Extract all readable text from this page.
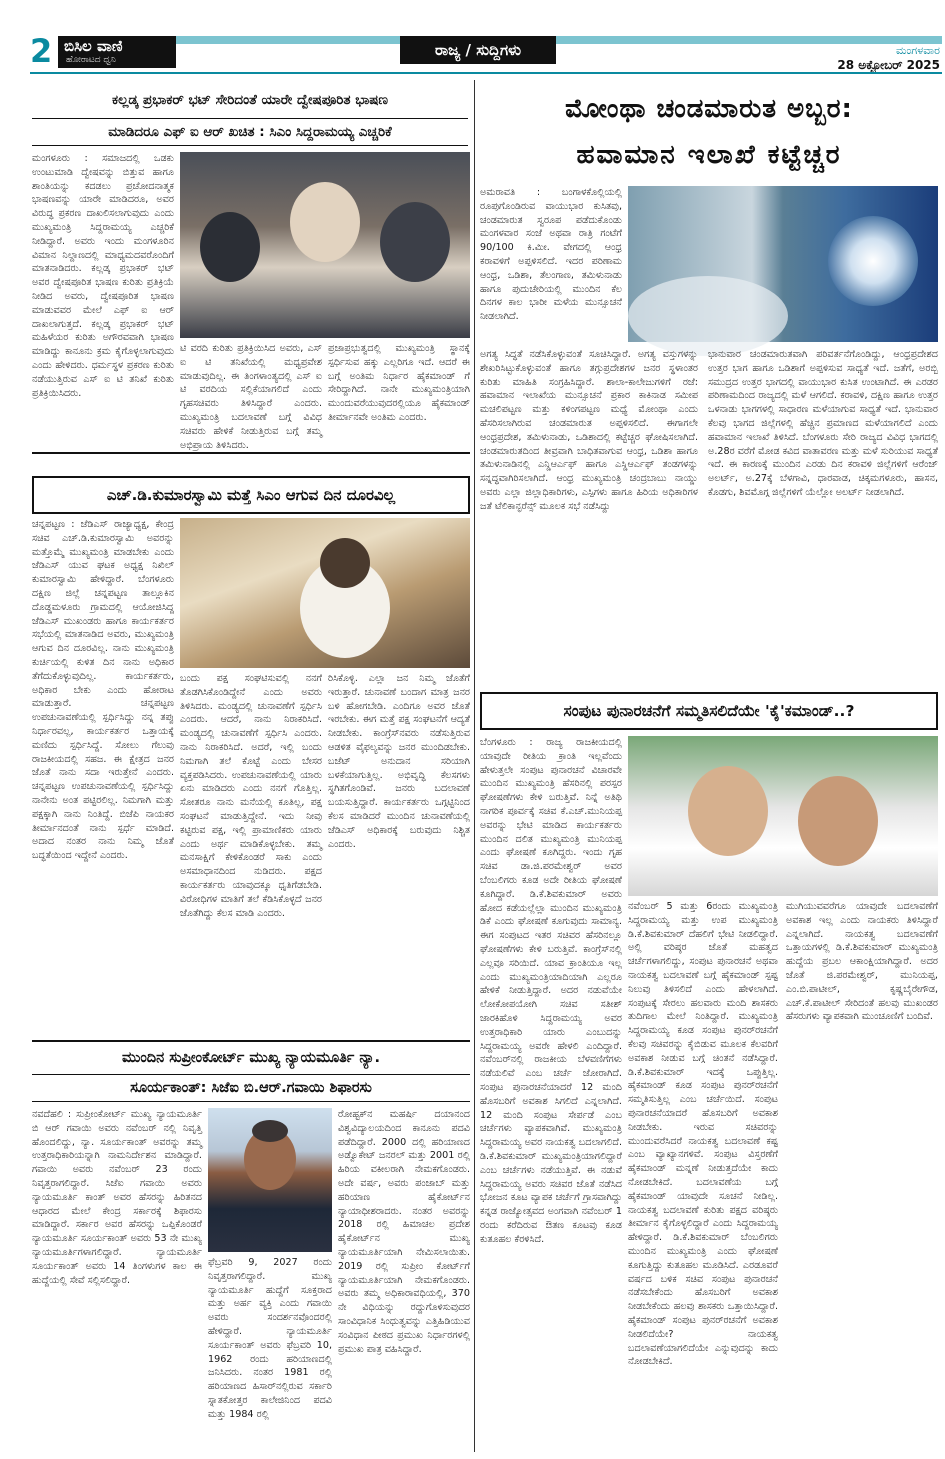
2 ಬಿಸಿಲ ವಾಣಿ
ಹೋರಾಟದ ಧ್ವನಿ
ರಾಜ್ಯ / ಸುದ್ದಿಗಳು	ಮಂಗಳವಾರ
28 ಅಕ್ಟೋಬರ್ 2025
ಕಲ್ಲಡ್ಕ ಪ್ರಭಾಕರ್ ಭಟ್ ಸೇರಿದಂತೆ ಯಾರೇ ದ್ವೇಷಪೂರಿತ ಭಾಷಣ
ಮಾಡಿದರೂ ಎಫ್ ಐ ಆರ್ ಖಚಿತ : ಸಿಎಂ ಸಿದ್ದರಾಮಯ್ಯ ಎಚ್ಚರಿಕೆ
ಮಂಗಳೂರು : ಸಮಾಜದಲ್ಲಿ ಒಡಕು ಉಂಟುಮಾಡಿ ದ್ವೇಷವನ್ನು ಬಿತ್ತುವ ಹಾಗೂ ಶಾಂತಿಯನ್ನು ಕದಡಲು ಪ್ರಚೋದನಾತ್ಮಕ ಭಾಷಣವನ್ನು ಯಾರೇ ಮಾಡಿದರೂ, ಅವರ ವಿರುದ್ಧ ಪ್ರಕರಣ ದಾಖಲಿಸಲಾಗುವುದು ಎಂದು ಮುಖ್ಯಮಂತ್ರಿ ಸಿದ್ದರಾಮಯ್ಯ ಎಚ್ಚರಿಕೆ ನೀಡಿದ್ದಾರೆ. ಅವರು ಇಂದು ಮಂಗಳೂರಿನ ವಿಮಾನ ನಿಲ್ದಾಣದಲ್ಲಿ ಮಾಧ್ಯಮದವರೊಂದಿಗೆ ಮಾತನಾಡಿದರು. ಕಲ್ಲಡ್ಕ ಪ್ರಭಾಕರ್ ಭಟ್ ಅವರ ದ್ವೇಷಪೂರಿತ ಭಾಷಣ ಕುರಿತು ಪ್ರತಿಕ್ರಿಯೆ ನೀಡಿದ ಅವರು, ದ್ವೇಷಪೂರಿತ ಭಾಷಣ ಮಾಡುವವರ ಮೇಲೆ ಎಫ್ ಐ ಆರ್ ದಾಖಲಾಗುತ್ತದೆ. ಕಲ್ಲಡ್ಕ ಪ್ರಭಾಕರ್ ಭಟ್ ಮಹಿಳೆಯರ ಕುರಿತು ಅಗೌರವವಾಗಿ ಭಾಷಣ ಮಾಡಿದ್ದು ಕಾನೂನು ಕ್ರಮ ಕೈಗೊಳ್ಳಲಾಗುವುದು ಎಂದು ಹೇಳಿದರು. ಧರ್ಮಸ್ಥಳ ಪ್ರಕರಣ ಕುರಿತು ನಡೆಯುತ್ತಿರುವ ಎಸ್ ಐ ಟಿ ತನಿಖೆ ಕುರಿತು ಪ್ರತಿಕ್ರಿಯಿಸಿದರು.
ಟಿ ವರದಿ ಕುರಿತು ಪ್ರತಿಕ್ರಿಯಿಸಿದ ಅವರು, ಎಸ್ ಐ ಟಿ ತನಿಖೆಯಲ್ಲಿ ಮಧ್ಯಪ್ರವೇಶ ಮಾಡುವುದಿಲ್ಲ. ಈ ತಿಂಗಳಾಂತ್ಯದಲ್ಲಿ ಎಸ್ ಐ ಟಿ ವರದಿಯ ಸಲ್ಲಿಕೆಯಾಗಲಿದೆ ಎಂದು ಗೃಹಸಚಿವರು ತಿಳಿಸಿದ್ದಾರೆ ಎಂದರು. ಮುಖ್ಯಮಂತ್ರಿ ಬದಲಾವಣೆ ಬಗ್ಗೆ ವಿವಿಧ ಸಚಿವರು ಹೇಳಿಕೆ ನೀಡುತ್ತಿರುವ ಬಗ್ಗೆ ತಮ್ಮ ಅಭಿಪ್ರಾಯ ತಿಳಿಸಿದರು.
ಪ್ರಜಾಪ್ರಭುತ್ವದಲ್ಲಿ ಮುಖ್ಯಮಂತ್ರಿ ಸ್ಥಾನಕ್ಕೆ ಸ್ಪರ್ಧಿಸುವ ಹಕ್ಕು ಎಲ್ಲರಿಗೂ ಇದೆ. ಆದರೆ ಈ ಬಗ್ಗೆ ಅಂತಿಮ ನಿರ್ಧಾರ ಹೈಕಮಾಂಡ್ ಗೆ ಸೇರಿದ್ದಾಗಿದೆ. ನಾನೇ ಮುಖ್ಯಮಂತ್ರಿಯಾಗಿ ಮುಂದುವರೆಯುವುದರಲ್ಲಿಯೂ ಹೈಕಮಾಂಡ್ ತೀರ್ಮಾನವೇ ಅಂತಿಮ ಎಂದರು.
ಮೋಂಥಾ ಚಂಡಮಾರುತ ಅಬ್ಬರ:
ಹವಾಮಾನ ಇಲಾಖೆ ಕಟ್ಟೆಚ್ಚರ
ಅಮರಾವತಿ : ಬಂಗಾಳಕೊಲ್ಲಿಯಲ್ಲಿ ರೂಪುಗೊಂಡಿರುವ ವಾಯುಭಾರ ಕುಸಿತವು, ಚಂಡಮಾರುತ ಸ್ವರೂಪ ಪಡೆದುಕೊಂಡು ಮಂಗಳವಾರ ಸಂಜೆ ಅಥವಾ ರಾತ್ರಿ ಗಂಟೆಗೆ 90/100 ಕಿ.ಮೀ. ವೇಗದಲ್ಲಿ ಆಂಧ್ರ ಕರಾವಳಿಗೆ ಅಪ್ಪಳಿಸಲಿದೆ. ಇದರ ಪರಿಣಾಮ ಆಂಧ್ರ, ಒಡಿಶಾ, ತೆಲಂಗಾಣ, ತಮಿಳುನಾಡು ಹಾಗೂ ಪುದುಚೇರಿಯಲ್ಲಿ ಮುಂದಿನ ಕೆಲ ದಿನಗಳ ಕಾಲ ಭಾರೀ ಮಳೆಯ ಮುನ್ಸೂಚನೆ ನೀಡಲಾಗಿದೆ.
ಅಗತ್ಯ ಸಿದ್ಧತೆ ನಡೆಸಿಕೊಳ್ಳುವಂತೆ ಸೂಚಿಸಿದ್ದಾರೆ. ಅಗತ್ಯ ವಸ್ತುಗಳನ್ನು ಶೇಖರಿಸಿಟ್ಟುಕೊಳ್ಳುವಂತೆ ಹಾಗೂ ತಗ್ಗುಪ್ರದೇಶಗಳ ಜನರ ಸ್ಥಳಾಂತರ ಕುರಿತು ಮಾಹಿತಿ ಸಂಗ್ರಹಿಸಿದ್ದಾರೆ. ಶಾಲಾ-ಕಾಲೇಜುಗಳಿಗೆ ರಜೆ: ಹವಾಮಾನ ಇಲಾಖೆಯ ಮುನ್ಸೂಚನೆ ಪ್ರಕಾರ ಕಾಕಿನಾಡ ಸಮೀಪ ಮಚಲಿಪಟ್ಟಣ ಮತ್ತು ಕಳಿಂಗಪಟ್ಟಣ ಮಧ್ಯೆ ಮೋಂಥಾ ಎಂದು ಹೆಸರಿಸಲಾಗಿರುವ ಚಂಡಮಾರುತ ಅಪ್ಪಳಿಸಲಿದೆ. ಈಗಾಗಲೇ ಆಂಧ್ರಪ್ರದೇಶ, ತಮಿಳುನಾಡು, ಒಡಿಶಾದಲ್ಲಿ ಕಟ್ಟೆಚ್ಚರ ಘೋಷಿಸಲಾಗಿದೆ. ಚಂಡಮಾರುತದಿಂದ ತೀವ್ರವಾಗಿ ಬಾಧಿತವಾಗುವ ಆಂಧ್ರ, ಒಡಿಶಾ ಹಾಗೂ ತಮಿಳುನಾಡಿನಲ್ಲಿ ಎನ್ಡಿಆರ್ಎಫ್ ಹಾಗೂ ಎಸ್ಡಿಆರ್ಎಫ್ ತಂಡಗಳನ್ನು ಸನ್ನದ್ಧವಾಗಿರಿಸಲಾಗಿದೆ. ಆಂಧ್ರ ಮುಖ್ಯಮಂತ್ರಿ ಚಂದ್ರಬಾಬು ನಾಯ್ಡು ಅವರು ಎಲ್ಲಾ ಜಿಲ್ಲಾಧಿಕಾರಿಗಳು, ಎಸ್ಪಿಗಳು ಹಾಗೂ ಹಿರಿಯ ಅಧಿಕಾರಿಗಳ ಜತೆ ಟೆಲಿಕಾನ್ಫರೆನ್ಸ್ ಮೂಲಕ ಸಭೆ ನಡೆಸಿದ್ದು
ಭಾನುವಾರ ಚಂಡಮಾರುತವಾಗಿ ಪರಿವರ್ತನೆಗೊಂಡಿದ್ದು, ಆಂಧ್ರಪ್ರದೇಶದ ಉತ್ತರ ಭಾಗ ಹಾಗೂ ಒಡಿಶಾಗೆ ಅಪ್ಪಳಿಸುವ ಸಾಧ್ಯತೆ ಇದೆ. ಜತೆಗೆ, ಅರಬ್ಬಿ ಸಮುದ್ರದ ಉತ್ತರ ಭಾಗದಲ್ಲಿ ವಾಯುಭಾರ ಕುಸಿತ ಉಂಟಾಗಿದೆ. ಈ ಎರಡರ ಪರಿಣಾಮದಿಂದ ರಾಜ್ಯದಲ್ಲಿ ಮಳೆ ಆಗಲಿದೆ. ಕರಾವಳಿ, ದಕ್ಷಿಣ ಹಾಗೂ ಉತ್ತರ ಒಳನಾಡು ಭಾಗಗಳಲ್ಲಿ ಸಾಧಾರಣ ಮಳೆಯಾಗುವ ಸಾಧ್ಯತೆ ಇದೆ. ಭಾನುವಾರ ಕೆಲವು ಭಾಗದ ಜಿಲ್ಲೆಗಳಲ್ಲಿ ಹೆಚ್ಚಿನ ಪ್ರಮಾಣದ ಮಳೆಯಾಗಲಿದೆ ಎಂದು ಹವಾಮಾನ ಇಲಾಖೆ ತಿಳಿಸಿದೆ. ಬೆಂಗಳೂರು ಸೇರಿ ರಾಜ್ಯದ ವಿವಿಧ ಭಾಗದಲ್ಲಿ ಅ.28ರ ವರೆಗೆ ಮೋಡ ಕವಿದ ವಾತಾವರಣ ಮತ್ತು ಮಳೆ ಸುರಿಯುವ ಸಾಧ್ಯತೆ ಇದೆ. ಈ ಕಾರಣಕ್ಕೆ ಮುಂದಿನ ಎರಡು ದಿನ ಕರಾವಳಿ ಜಿಲ್ಲೆಗಳಿಗೆ ಆರೆಂಜ್ ಅಲರ್ಟ್, ಅ.27ಕ್ಕೆ ಬೆಳಗಾವಿ, ಧಾರವಾಡ, ಚಿಕ್ಕಮಗಳೂರು, ಹಾಸನ, ಕೊಡಗು, ಶಿವಮೊಗ್ಗ ಜಿಲ್ಲೆಗಳಿಗೆ ಯೆಲ್ಲೋ ಅಲರ್ಟ್ ನೀಡಲಾಗಿದೆ.
ಎಚ್.ಡಿ.ಕುಮಾರಸ್ವಾಮಿ ಮತ್ತೆ ಸಿಎಂ ಆಗುವ ದಿನ ದೂರವಿಲ್ಲ
ಚನ್ನಪಟ್ಟಣ : ಜೆಡಿಎಸ್ ರಾಜ್ಯಾಧ್ಯಕ್ಷ, ಕೇಂದ್ರ ಸಚಿವ ಎಚ್.ಡಿ.ಕುಮಾರಸ್ವಾಮಿ ಅವರನ್ನು ಮತ್ತೊಮ್ಮೆ ಮುಖ್ಯಮಂತ್ರಿ ಮಾಡಬೇಕು ಎಂದು ಜೆಡಿಎಸ್ ಯುವ ಘಟಕ ಅಧ್ಯಕ್ಷ ನಿಖಿಲ್ ಕುಮಾರಸ್ವಾಮಿ ಹೇಳಿದ್ದಾರೆ. ಬೆಂಗಳೂರು ದಕ್ಷಿಣ ಜಿಲ್ಲೆ ಚನ್ನಪಟ್ಟಣ ತಾಲ್ಲೂಕಿನ ದೊಡ್ಡಮಳೂರು ಗ್ರಾಮದಲ್ಲಿ ಆಯೋಜಿಸಿದ್ದ ಜೆಡಿಎಸ್ ಮುಖಂಡರು ಹಾಗೂ ಕಾರ್ಯಕರ್ತರ ಸಭೆಯಲ್ಲಿ ಮಾತನಾಡಿದ ಅವರು, ಮುಖ್ಯಮಂತ್ರಿ ಆಗುವ ದಿನ ದೂರವಿಲ್ಲ. ನಾನು ಮುಖ್ಯಮಂತ್ರಿ ಕುರ್ಚಿಯಲ್ಲಿ ಕುಳಿತ ದಿನ ನಾನು ಅಧಿಕಾರ ತೆಗೆದುಕೊಳ್ಳುವುದಿಲ್ಲ. ಕಾರ್ಯಕರ್ತರು, ಅಧಿಕಾರ ಬೇಕು ಎಂದು ಹೋರಾಟ ಮಾಡುತ್ತಾರೆ. ಚನ್ನಪಟ್ಟಣ ಉಪಚುನಾವಣೆಯಲ್ಲಿ ಸ್ಪರ್ಧಿಸಿದ್ದು ನನ್ನ ತಪ್ಪು ನಿರ್ಧಾರವಲ್ಲ, ಕಾರ್ಯಕರ್ತರ ಒತ್ತಾಯಕ್ಕೆ ಮಣಿದು ಸ್ಪರ್ಧಿಸಿದ್ದೆ. ಸೋಲು ಗೆಲುವು ರಾಜಕೀಯದಲ್ಲಿ ಸಹಜ. ಈ ಕ್ಷೇತ್ರದ ಜನರ ಜೊತೆ ನಾನು ಸದಾ ಇರುತ್ತೇನೆ ಎಂದರು. ಚನ್ನಪಟ್ಟಣ ಉಪಚುನಾವಣೆಯಲ್ಲಿ ಸ್ಪರ್ಧಿಸಿದ್ದು ನಾನೇನು ಅಂತ ಪಟ್ಟಿರಲಿಲ್ಲ. ನಿಮಗಾಗಿ ಮತ್ತು ಪಕ್ಷಕ್ಕಾಗಿ ನಾನು ನಿಂತಿದ್ದೆ. ಬಿಜೆಪಿ ನಾಯಕರ ತೀರ್ಮಾನದಂತೆ ನಾನು ಸ್ಪರ್ಧೆ ಮಾಡಿದೆ. ಅದಾದ ನಂತರ ನಾನು ನಿಮ್ಮ ಜೊತೆ ಬದ್ಧತೆಯಿಂದ ಇದ್ದೇನೆ ಎಂದರು.
ಬಂದು ಪಕ್ಷ ಸಂಘಟಿಸುವಲ್ಲಿ ನನಗೆ ತೊಡಗಿಸಿಕೊಂಡಿದ್ದೇನೆ ಎಂದು ಅವರು ತಿಳಿಸಿದರು. ಮಂಡ್ಯದಲ್ಲಿ ಚುನಾವಣೆಗೆ ಸ್ಪರ್ಧಿಸಿ ಎಂದರು. ಆದರೆ, ನಾನು ನಿರಾಕರಿಸಿದೆ. ಮಂಡ್ಯದಲ್ಲಿ ಚುನಾವಣೆಗೆ ಸ್ಪರ್ಧಿಸಿ ಎಂದರು. ನಾನು ನಿರಾಕರಿಸಿದೆ. ಅದರೆ, ಇಲ್ಲಿ ಬಂದು ನಿಮಗಾಗಿ ತಲೆ ಕೊಟ್ಟೆ ಎಂದು ಬೇಸರ ವ್ಯಕ್ತಪಡಿಸಿದರು. ಉಪಚುನಾವಣೆಯಲ್ಲಿ ಯಾರು ಏನು ಮಾಡಿದರು ಎಂದು ನನಗೆ ಗೊತ್ತಿಲ್ಲ. ಸೋತರೂ ನಾನು ಮನೆಯಲ್ಲಿ ಕೂತಿಲ್ಲ, ಪಕ್ಷ ಸಂಘಟನೆ ಮಾಡುತ್ತಿದ್ದೇನೆ. ಇದು ನೀವು ಕಟ್ಟಿರುವ ಪಕ್ಷ, ಇಲ್ಲಿ ಪ್ರಾಮಾಣಿಕರು ಯಾರು ಎಂದು ಅರ್ಥ ಮಾಡಿಕೊಳ್ಳಬೇಕು. ತಮ್ಮ ಮನಸಾಕ್ಷಿಗೆ ಕೇಳಿಕೊಂಡರೆ ಸಾಕು ಎಂದು ಅಸಮಾಧಾನದಿಂದ ನುಡಿದರು. ಪಕ್ಷದ ಕಾರ್ಯಕರ್ತರು ಯಾವುದಕ್ಕೂ ಧೃತಿಗೆಡಬೇಡಿ. ವಿರೋಧಿಗಳ ಮಾತಿಗೆ ತಲೆ ಕೆಡಿಸಿಕೊಳ್ಳದೆ ಜನರ ಜೊತೆಗಿದ್ದು ಕೆಲಸ ಮಾಡಿ ಎಂದರು.
ರಿಸಿಕೊಳ್ಳಿ. ಎಲ್ಲಾ ಜನ ನಿಮ್ಮ ಜೊತೆಗೆ ಇರುತ್ತಾರೆ. ಚುನಾವಣೆ ಬಂದಾಗ ಮಾತ್ರ ಜನರ ಬಳಿ ಹೋಗಬೇಡಿ. ಎಂದಿಗೂ ಅವರ ಜೊತೆ ಇರಬೇಕು. ಈಗ ಮತ್ತೆ ಪಕ್ಷ ಸಂಘಟನೆಗೆ ಆದ್ಯತೆ ನೀಡಬೇಕು. ಕಾಂಗ್ರೆಸ್‌ನವರು ನಡೆಸುತ್ತಿರುವ ಆಡಳಿತ ವೈಫಲ್ಯವನ್ನು ಜನರ ಮುಂದಿಡಬೇಕು. ಬಜೆಟ್ ಅನುದಾನ ಸರಿಯಾಗಿ ಬಳಕೆಯಾಗುತ್ತಿಲ್ಲ. ಅಭಿವೃದ್ಧಿ ಕೆಲಸಗಳು ಸ್ಥಗಿತಗೊಂಡಿವೆ. ಜನರು ಬದಲಾವಣೆ ಬಯಸುತ್ತಿದ್ದಾರೆ. ಕಾರ್ಯಕರ್ತರು ಒಗ್ಗಟ್ಟಿನಿಂದ ಕೆಲಸ ಮಾಡಿದರೆ ಮುಂದಿನ ಚುನಾವಣೆಯಲ್ಲಿ ಜೆಡಿಎಸ್ ಅಧಿಕಾರಕ್ಕೆ ಬರುವುದು ನಿಶ್ಚಿತ ಎಂದರು.
ಸಂಪುಟ ಪುನಾರಚನೆಗೆ ಸಮ್ಮತಿಸಲಿದೆಯೇ 'ಕೈ'ಕಮಾಂಡ್..?
ಬೆಂಗಳೂರು : ರಾಜ್ಯ ರಾಜಕೀಯದಲ್ಲಿ ಯಾವುದೇ ರೀತಿಯ ಕ್ರಾಂತಿ ಇಲ್ಲವೆಂದು ಹೇಳುತ್ತಲೇ ಸಂಪುಟ ಪುನಾರಚನೆ ವಿಚಾರವೇ ಮುಂದಿನ ಮುಖ್ಯಮಂತ್ರಿ ಹೆಸರಿನಲ್ಲಿ ಪರಸ್ಪರ ಘೋಷಣೆಗಳು ಕೇಳಿ ಬರುತ್ತಿವೆ. ನಿನ್ನೆ ಅತಿಥಿ ನಾಗರಿಕ ಪೂರ್ವಕ್ಕೆ ಸಚಿವ ಕೆ.ಎಚ್.ಮುನಿಯಪ್ಪ ಅವರನ್ನು ಭೇಟಿ ಮಾಡಿದ ಕಾರ್ಯಕರ್ತರು ಮುಂದಿನ ದಲಿತ ಮುಖ್ಯಮಂತ್ರಿ ಮುನಿಯಪ್ಪ ಎಂದು ಘೋಷಣೆ ಕೂಗಿದ್ದರು. ಇಂದು ಗೃಹ ಸಚಿವ ಡಾ.ಜಿ.ಪರಮೇಶ್ವರ್ ಅವರ ಬೆಂಬಲಿಗರು ಕೂಡ ಅದೇ ರೀತಿಯ ಘೋಷಣೆ ಕೂಗಿದ್ದಾರೆ. ಡಿ.ಕೆ.ಶಿವಕುಮಾರ್ ಅವರು ಹೋದ ಕಡೆಯಲ್ಲೆಲ್ಲಾ ಮುಂದಿನ ಮುಖ್ಯಮಂತ್ರಿ ಡಿಕೆ ಎಂದು ಘೋಷಣೆ ಕೂಗುವುದು ಸಾಮಾನ್ಯ. ಈಗ ಸಂಪುಟದ ಇತರ ಸಚಿವರ ಹೆಸರಿನಲ್ಲೂ ಘೋಷಣೆಗಳು ಕೇಳಿ ಬರುತ್ತಿವೆ. ಕಾಂಗ್ರೆಸ್‌ನಲ್ಲಿ ಎಲ್ಲವೂ ಸರಿಯಿದೆ. ಯಾವ ಕ್ರಾಂತಿಯೂ ಇಲ್ಲ ಎಂದು ಮುಖ್ಯಮಂತ್ರಿಯಾದಿಯಾಗಿ ಎಲ್ಲರೂ ಹೇಳಿಕೆ ನೀಡುತ್ತಿದ್ದಾರೆ. ಅದರ ನಡುವೆಯೇ ಲೋಕೋಪಯೋಗಿ ಸಚಿವ ಸತೀಶ್ ಜಾರಕಿಹೊಳಿ ಸಿದ್ದರಾಮಯ್ಯ ಅವರ ಉತ್ತರಾಧಿಕಾರಿ ಯಾರು ಎಂಬುದನ್ನು ಸಿದ್ದರಾಮಯ್ಯ ಅವರೇ ಹೇಳಲಿ ಎಂದಿದ್ದಾರೆ. ನವೆಂಬರ್‌ನಲ್ಲಿ ರಾಜಕೀಯ ಬೆಳವಣಿಗೆಗಳು ನಡೆಯಲಿವೆ ಎಂಬ ಚರ್ಚೆ ಜೋರಾಗಿದೆ. ಸಂಪುಟ ಪುನಾರಚನೆಯಾದರೆ 12 ಮಂದಿ ಹೊಸಬರಿಗೆ ಅವಕಾಶ ಸಿಗಲಿದೆ ಎನ್ನಲಾಗಿದೆ. 12 ಮಂದಿ ಸಂಪುಟ ಸೇರ್ಪಡೆ ಎಂಬ ಚರ್ಚೆಗಳು ವ್ಯಾಪಕವಾಗಿವೆ. ಮುಖ್ಯಮಂತ್ರಿ ಸಿದ್ದರಾಮಯ್ಯ ಅವರ ನಾಯಕತ್ವ ಬದಲಾಗಲಿದೆ. ಡಿ.ಕೆ.ಶಿವಕುಮಾರ್ ಮುಖ್ಯಮಂತ್ರಿಯಾಗಲಿದ್ದಾರೆ ಎಂಬ ಚರ್ಚೆಗಳು ನಡೆಯುತ್ತಿವೆ. ಈ ನಡುವೆ ಸಿದ್ದರಾಮಯ್ಯ ಅವರು ಸಚಿವರ ಜೊತೆ ನಡೆಸಿದ ಭೋಜನ ಕೂಟ ವ್ಯಾಪಕ ಚರ್ಚೆಗೆ ಗ್ರಾಸವಾಗಿದ್ದು ಕನ್ನಡ ರಾಜ್ಯೋತ್ಸವದ ಅಂಗವಾಗಿ ನವೆಂಬರ್ 1 ರಂದು ಕರೆದಿರುವ ಔತಣ ಕೂಟವು ಕೂಡ ಕುತೂಹಲ ಕೆರಳಿಸಿದೆ.
ನವೆಂಬರ್ 5 ಮತ್ತು 6ರಂದು ಮುಖ್ಯಮಂತ್ರಿ ಸಿದ್ದರಾಮಯ್ಯ ಮತ್ತು ಉಪ ಮುಖ್ಯಮಂತ್ರಿ ಡಿ.ಕೆ.ಶಿವಕುಮಾರ್ ದೆಹಲಿಗೆ ಭೇಟಿ ನೀಡಲಿದ್ದಾರೆ. ಅಲ್ಲಿ ವರಿಷ್ಠರ ಜೊತೆ ಮಹತ್ವದ ಚರ್ಚೆಗಳಾಗಲಿದ್ದು, ಸಂಪುಟ ಪುನಾರಚನೆ ಅಥವಾ ನಾಯಕತ್ವ ಬದಲಾವಣೆ ಬಗ್ಗೆ ಹೈಕಮಾಂಡ್ ಸ್ಪಷ್ಟ ನಿಲುವು ತಿಳಿಸಲಿದೆ ಎಂದು ಹೇಳಲಾಗಿದೆ. ಸಂಪುಟಕ್ಕೆ ಸೇರಲು ಹಲವಾರು ಮಂದಿ ಶಾಸಕರು ತುದಿಗಾಲ ಮೇಲೆ ನಿಂತಿದ್ದಾರೆ. ಮುಖ್ಯಮಂತ್ರಿ ಸಿದ್ದರಾಮಯ್ಯ ಕೂಡ ಸಂಪುಟ ಪುನರ್‌ರಚನೆಗೆ ಕೆಲವು ಸಚಿವರನ್ನು ಕೈಬಿಡುವ ಮೂಲಕ ಕೆಲವರಿಗೆ ಅವಕಾಶ ನೀಡುವ ಬಗ್ಗೆ ಚಿಂತನೆ ನಡೆಸಿದ್ದಾರೆ. ಡಿ.ಕೆ.ಶಿವಕುಮಾರ್ ಇದಕ್ಕೆ ಒಪ್ಪುತ್ತಿಲ್ಲ. ಹೈಕಮಾಂಡ್ ಕೂಡ ಸಂಪುಟ ಪುನರ್‌ರಚನೆಗೆ ಸಮ್ಮತಿಸುತ್ತಿಲ್ಲ ಎಂಬ ಚರ್ಚೆಯಿದೆ. ಸಂಪುಟ ಪುನಾರಚನೆಯಾದರೆ ಹೊಸಬರಿಗೆ ಅವಕಾಶ ನೀಡಬೇಕು. ಇರುವ ಸಚಿವರನ್ನು ಮುಂದುವರೆಸಿದರೆ ನಾಯಕತ್ವ ಬದಲಾವಣೆ ಕಷ್ಟ ಎಂಬ ವ್ಯಾಖ್ಯಾನಗಳಿವೆ. ಸಂಪುಟ ವಿಸ್ತರಣೆಗೆ ಹೈಕಮಾಂಡ್ ಮನ್ನಣೆ ನೀಡುತ್ತದೆಯೇ ಕಾದು ನೋಡಬೇಕಿದೆ. ಬದಲಾವಣೆಯ ಬಗ್ಗೆ ಹೈಕಮಾಂಡ್ ಯಾವುದೇ ಸೂಚನೆ ನೀಡಿಲ್ಲ. ನಾಯಕತ್ವ ಬದಲಾವಣೆ ಕುರಿತು ಪಕ್ಷದ ವರಿಷ್ಠರು ತೀರ್ಮಾನ ಕೈಗೊಳ್ಳಲಿದ್ದಾರೆ ಎಂದು ಸಿದ್ದರಾಮಯ್ಯ ಹೇಳಿದ್ದಾರೆ. ಡಿ.ಕೆ.ಶಿವಕುಮಾರ್ ಬೆಂಬಲಿಗರು ಮುಂದಿನ ಮುಖ್ಯಮಂತ್ರಿ ಎಂದು ಘೋಷಣೆ ಕೂಗುತ್ತಿದ್ದು ಕುತೂಹಲ ಮೂಡಿಸಿದೆ. ಎರಡೂವರೆ ವರ್ಷದ ಬಳಿಕ ಸಚಿವ ಸಂಪುಟ ಪುನಾರಚನೆ ನಡೆಸಬೇಕೆಂದು ಹೊಸಬರಿಗೆ ಅವಕಾಶ ನೀಡಬೇಕೆಂದು ಹಲವು ಶಾಸಕರು ಒತ್ತಾಯಿಸಿದ್ದಾರೆ. ಹೈಕಮಾಂಡ್ ಸಂಪುಟ ಪುನರ್‌ರಚನೆಗೆ ಅವಕಾಶ ನೀಡಲಿದೆಯೇ? ನಾಯಕತ್ವ ಬದಲಾವಣೆಯಾಗಲಿದೆಯೇ ಎನ್ನುವುದನ್ನು ಕಾದು ನೋಡಬೇಕಿದೆ.
ಮುಗಿಯುವವರೆಗೂ ಯಾವುದೇ ಬದಲಾವಣೆಗೆ ಅವಕಾಶ ಇಲ್ಲ ಎಂದು ನಾಯಕರು ತಿಳಿಸಿದ್ದಾರೆ ಎನ್ನಲಾಗಿದೆ. ನಾಯಕತ್ವ ಬದಲಾವಣೆಗೆ ಒತ್ತಾಯಗಳಲ್ಲಿ ಡಿ.ಕೆ.ಶಿವಕುಮಾರ್ ಮುಖ್ಯಮಂತ್ರಿ ಹುದ್ದೆಯ ಪ್ರಬಲ ಆಕಾಂಕ್ಷಿಯಾಗಿದ್ದಾರೆ. ಅದರ ಜೊತೆ ಜಿ.ಪರಮೇಶ್ವರ್, ಮುನಿಯಪ್ಪ, ಎಂ.ಬಿ.ಪಾಟೀಲ್, ಕೃಷ್ಣಬೈರೇಗೌಡ, ಎಚ್.ಕೆ.ಪಾಟೀಲ್ ಸೇರಿದಂತೆ ಹಲವು ಮುಖಂಡರ ಹೆಸರುಗಳು ವ್ಯಾಪಕವಾಗಿ ಮುಂಚೂಣಿಗೆ ಬಂದಿವೆ.
ಮುಂದಿನ ಸುಪ್ರೀಂಕೋರ್ಟ್ ಮುಖ್ಯ ನ್ಯಾಯಮೂರ್ತಿ ನ್ಯಾ.
ಸೂರ್ಯಕಾಂತ್: ಸಿಜೆಐ ಬಿ.ಆರ್.ಗವಾಯಿ ಶಿಫಾರಸು
ನವದೆಹಲಿ : ಸುಪ್ರೀಂಕೋರ್ಟ್ ಮುಖ್ಯ ನ್ಯಾಯಮೂರ್ತಿ ಬಿ ಆರ್ ಗವಾಯಿ ಅವರು ನವೆಂಬರ್ ನಲ್ಲಿ ನಿವೃತ್ತಿ ಹೊಂದಲಿದ್ದು, ನ್ಯಾ. ಸೂರ್ಯಕಾಂತ್ ಅವರನ್ನು ತಮ್ಮ ಉತ್ತರಾಧಿಕಾರಿಯನ್ನಾಗಿ ನಾಮನಿರ್ದೇಶನ ಮಾಡಿದ್ದಾರೆ. ಗವಾಯಿ ಅವರು ನವೆಂಬರ್ 23 ರಂದು ನಿವೃತ್ತರಾಗಲಿದ್ದಾರೆ. ಸಿಜೆಐ ಗವಾಯಿ ಅವರು ನ್ಯಾಯಮೂರ್ತಿ ಕಾಂತ್ ಅವರ ಹೆಸರನ್ನು ಹಿರಿತನದ ಆಧಾರದ ಮೇಲೆ ಕೇಂದ್ರ ಸರ್ಕಾರಕ್ಕೆ ಶಿಫಾರಸು ಮಾಡಿದ್ದಾರೆ. ಸರ್ಕಾರ ಅವರ ಹೆಸರನ್ನು ಒಪ್ಪಿಕೊಂಡರೆ ನ್ಯಾಯಮೂರ್ತಿ ಸೂರ್ಯಕಾಂತ್ ಅವರು 53 ನೇ ಮುಖ್ಯ ನ್ಯಾಯಮೂರ್ತಿಗಳಾಗಲಿದ್ದಾರೆ. ನ್ಯಾಯಮೂರ್ತಿ ಸೂರ್ಯಕಾಂತ್ ಅವರು 14 ತಿಂಗಳುಗಳ ಕಾಲ ಈ ಹುದ್ದೆಯಲ್ಲಿ ಸೇವೆ ಸಲ್ಲಿಸಲಿದ್ದಾರೆ.
ಫೆಬ್ರವರಿ 9, 2027 ರಂದು ನಿವೃತ್ತರಾಗಲಿದ್ದಾರೆ. ಮುಖ್ಯ ನ್ಯಾಯಮೂರ್ತಿ ಹುದ್ದೆಗೆ ಸೂಕ್ತರಾದ ಮತ್ತು ಅರ್ಹ ವ್ಯಕ್ತಿ ಎಂದು ಗವಾಯಿ ಅವರು ಸಂದರ್ಶನವೊಂದರಲ್ಲಿ ಹೇಳಿದ್ದಾರೆ. ನ್ಯಾಯಮೂರ್ತಿ ಸೂರ್ಯಕಾಂತ್ ಅವರು ಫೆಬ್ರವರಿ 10, 1962 ರಂದು ಹರಿಯಾಣದಲ್ಲಿ ಜನಿಸಿದರು. ನಂತರ 1981 ರಲ್ಲಿ ಹರಿಯಾಣದ ಹಿಸಾರ್‌ನಲ್ಲಿರುವ ಸರ್ಕಾರಿ ಸ್ನಾತಕೋತ್ತರ ಕಾಲೇಜಿನಿಂದ ಪದವಿ ಮತ್ತು 1984 ರಲ್ಲಿ
ರೋಹ್ಟಕ್‌ನ ಮಹರ್ಷಿ ದಯಾನಂದ ವಿಶ್ವವಿದ್ಯಾಲಯದಿಂದ ಕಾನೂನು ಪದವಿ ಪಡೆದಿದ್ದಾರೆ. 2000 ದಲ್ಲಿ ಹರಿಯಾಣದ ಅಡ್ವೊಕೇಟ್ ಜನರಲ್ ಮತ್ತು 2001 ರಲ್ಲಿ ಹಿರಿಯ ವಕೀಲರಾಗಿ ನೇಮಕಗೊಂಡರು. ಅದೇ ವರ್ಷ, ಅವರು ಪಂಜಾಬ್ ಮತ್ತು ಹರಿಯಾಣ ಹೈಕೋರ್ಟ್‌ನ ನ್ಯಾಯಾಧೀಶರಾದರು. ನಂತರ ಅವರನ್ನು 2018 ರಲ್ಲಿ ಹಿಮಾಚಲ ಪ್ರದೇಶ ಹೈಕೋರ್ಟ್‌ನ ಮುಖ್ಯ ನ್ಯಾಯಮೂರ್ತಿಯಾಗಿ ನೇಮಿಸಲಾಯಿತು. 2019 ರಲ್ಲಿ ಸುಪ್ರೀಂ ಕೋರ್ಟ್‌ಗೆ ನ್ಯಾಯಮೂರ್ತಿಯಾಗಿ ನೇಮಕಗೊಂಡರು. ಅವರು ತಮ್ಮ ಅಧಿಕಾರಾವಧಿಯಲ್ಲಿ, 370 ನೇ ವಿಧಿಯನ್ನು ರದ್ದುಗೊಳಿಸುವುದರ ಸಾಂವಿಧಾನಿಕ ಸಿಂಧುತ್ವವನ್ನು ಎತ್ತಿಹಿಡಿಯುವ ಸಂವಿಧಾನ ಪೀಠದ ಪ್ರಮುಖ ನಿರ್ಧಾರಗಳಲ್ಲಿ ಪ್ರಮುಖ ಪಾತ್ರ ವಹಿಸಿದ್ದಾರೆ.
